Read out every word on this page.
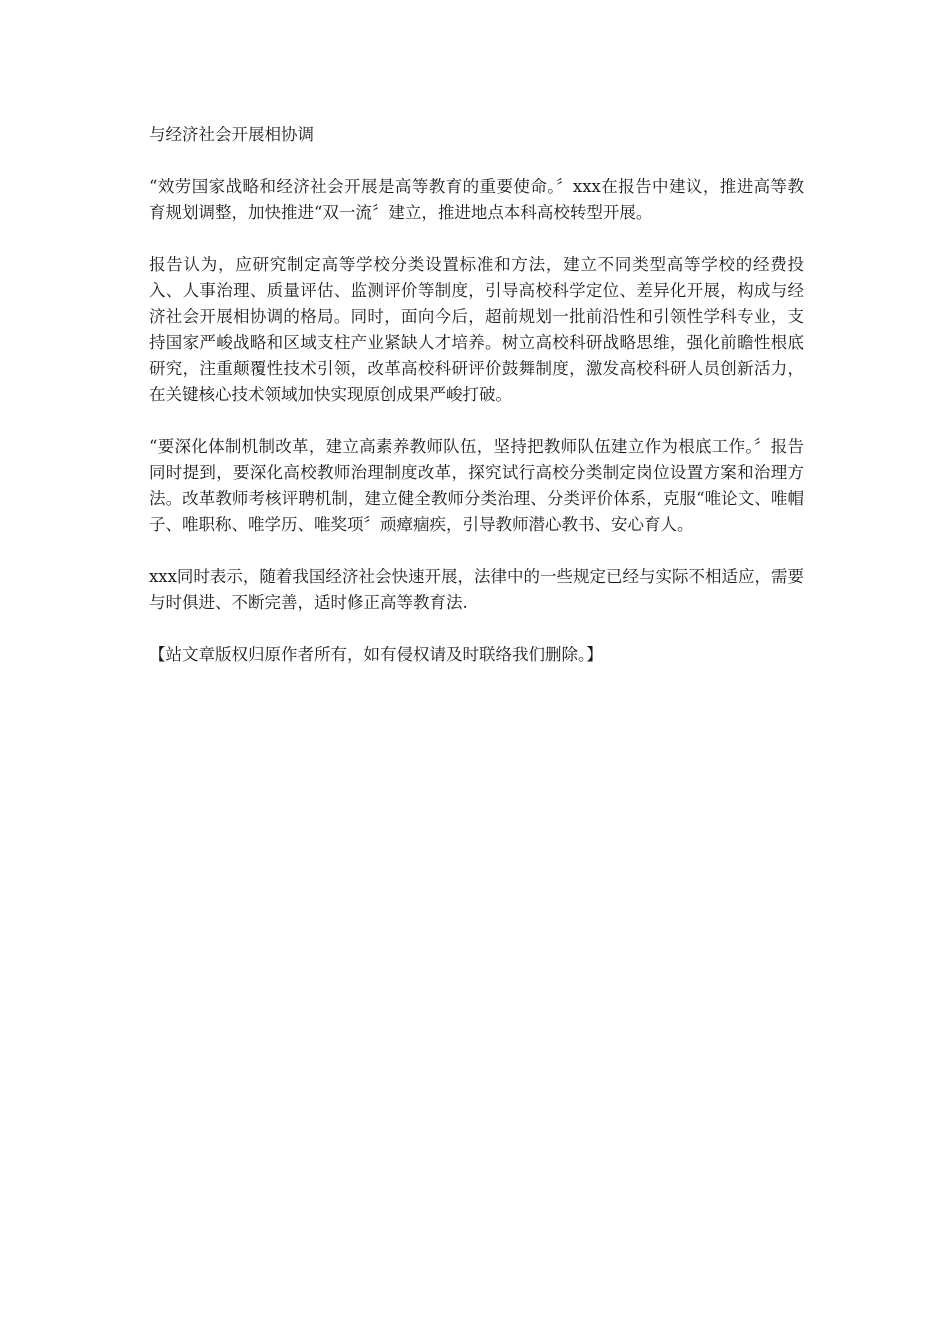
与经济社会开展相协调

“效劳国家战略和经济社会开展是高等教育的重要使命。〞xxx在报告中建议，推进高等教育规划调整，加快推进“双一流〞建立，推进地点本科高校转型开展。

报告认为，应研究制定高等学校分类设置标准和方法，建立不同类型高等学校的经费投入、人事治理、质量评估、监测评价等制度，引导高校科学定位、差异化开展，构成与经济社会开展相协调的格局。同时，面向今后，超前规划一批前沿性和引领性学科专业，支持国家严峻战略和区域支柱产业紧缺人才培养。树立高校科研战略思维，强化前瞻性根底研究，注重颠覆性技术引领，改革高校科研评价鼓舞制度，激发高校科研人员创新活力，在关键核心技术领域加快实现原创成果严峻打破。

“要深化体制机制改革，建立高素养教师队伍，坚持把教师队伍建立作为根底工作。〞报告同时提到，要深化高校教师治理制度改革，探究试行高校分类制定岗位设置方案和治理方法。改革教师考核评聘机制，建立健全教师分类治理、分类评价体系，克服“唯论文、唯帽子、唯职称、唯学历、唯奖项〞顽瘴痼疾，引导教师潜心教书、安心育人。

xxx同时表示，随着我国经济社会快速开展，法律中的一些规定已经与实际不相适应，需要与时俱进、不断完善，适时修正高等教育法.

【站文章版权归原作者所有，如有侵权请及时联络我们删除。】
